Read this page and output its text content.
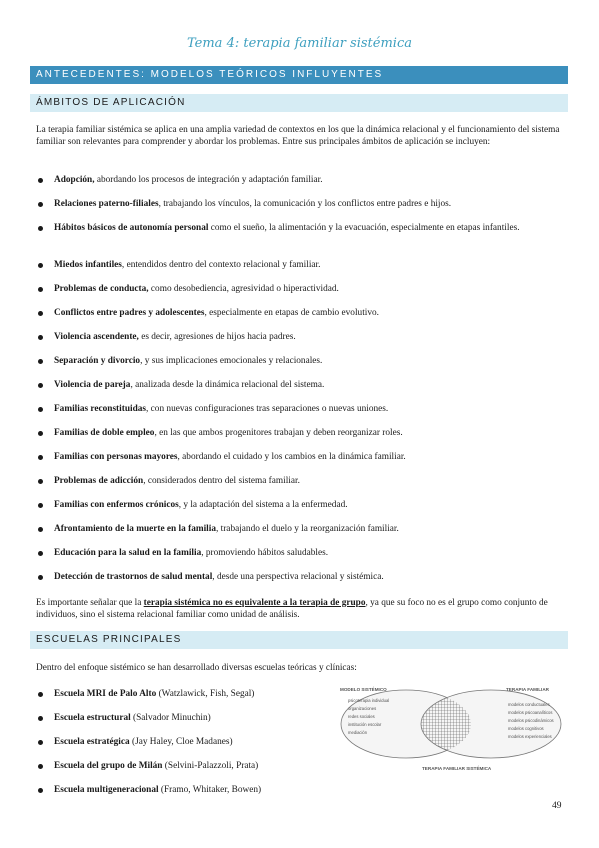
Tema 4: terapia familiar sistémica
ANTECEDENTES: MODELOS TEÓRICOS INFLUYENTES
ÁMBITOS DE APLICACIÓN

La terapia familiar sistémica se aplica en una amplia variedad de contextos en los que la dinámica relacional y el funcionamiento del sistema familiar son relevantes para comprender y abordar los problemas. Entre sus principales ámbitos de aplicación se incluyen:

Adopción, abordando los procesos de integración y adaptación familiar.
Relaciones paterno-filiales, trabajando los vínculos, la comunicación y los conflictos entre padres e hijos.
Hábitos básicos de autonomía personal como el sueño, la alimentación y la evacuación, especialmente en etapas infantiles.
Miedos infantiles, entendidos dentro del contexto relacional y familiar.
Problemas de conducta, como desobediencia, agresividad o hiperactividad.
Conflictos entre padres y adolescentes, especialmente en etapas de cambio evolutivo.
Violencia ascendente, es decir, agresiones de hijos hacia padres.
Separación y divorcio, y sus implicaciones emocionales y relacionales.
Violencia de pareja, analizada desde la dinámica relacional del sistema.
Familias reconstituidas, con nuevas configuraciones tras separaciones o nuevas uniones.
Familias de doble empleo, en las que ambos progenitores trabajan y deben reorganizar roles.
Familias con personas mayores, abordando el cuidado y los cambios en la dinámica familiar.
Problemas de adicción, considerados dentro del sistema familiar.
Familias con enfermos crónicos, y la adaptación del sistema a la enfermedad.
Afrontamiento de la muerte en la familia, trabajando el duelo y la reorganización familiar.
Educación para la salud en la familia, promoviendo hábitos saludables.
Detección de trastornos de salud mental, desde una perspectiva relacional y sistémica.

Es importante señalar que la terapia sistémica no es equivalente a la terapia de grupo, ya que su foco no es el grupo como conjunto de individuos, sino el sistema relacional familiar como unidad de análisis.

ESCUELAS PRINCIPALES

Dentro del enfoque sistémico se han desarrollado diversas escuelas teóricas y clínicas:

Escuela MRI de Palo Alto (Watzlawick, Fish, Segal)
Escuela estructural (Salvador Minuchin)
Escuela estratégica (Jay Haley, Cloe Madanes)
Escuela del grupo de Milán (Selvini-Palazzoli, Prata)
Escuela multigeneracional (Framo, Whitaker, Bowen)
MODELO SISTÉMICO	TERAPIA FAMILIAR
TERAPIA FAMILIAR SISTÉMICA
psicoterapia individual
organizaciones
redes sociales
institución escolar
mediación
modelos conductuales
modelos psicoanalíticos
modelos psicodinámicos
modelos cognitivos
modelos experienciales
49
